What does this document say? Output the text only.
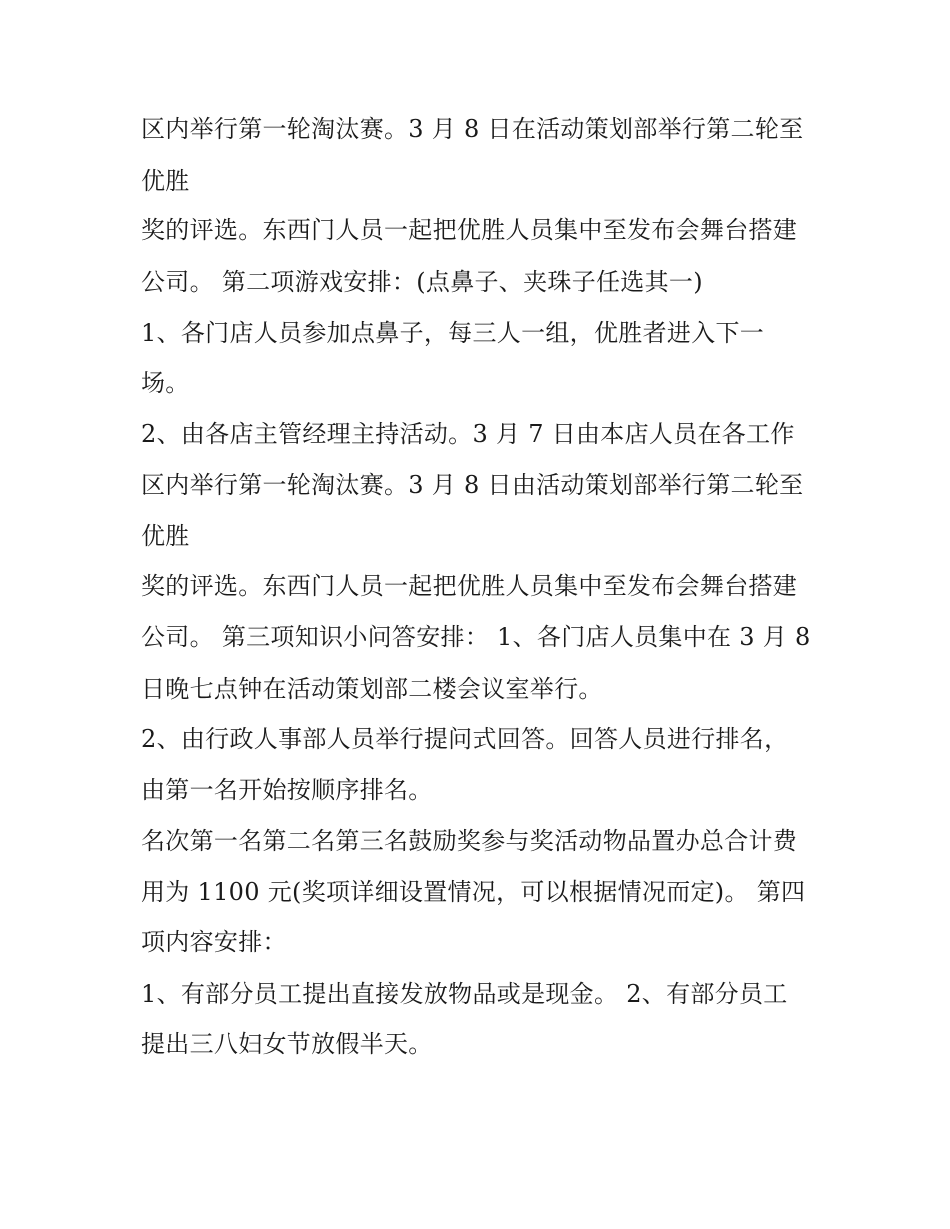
区内举行第一轮淘汰赛。3 月 8 日在活动策划部举行第二轮至
优胜
奖的评选。东西门人员一起把优胜人员集中至发布会舞台搭建
公司。 第二项游戏安排：(点鼻子、夹珠子任选其一)
1、各门店人员参加点鼻子，每三人一组，优胜者进入下一
场。
2、由各店主管经理主持活动。3 月 7 日由本店人员在各工作
区内举行第一轮淘汰赛。3 月 8 日由活动策划部举行第二轮至
优胜
奖的评选。东西门人员一起把优胜人员集中至发布会舞台搭建
公司。 第三项知识小问答安排： 1、各门店人员集中在 3 月 8
日晚七点钟在活动策划部二楼会议室举行。
2、由行政人事部人员举行提问式回答。回答人员进行排名，
由第一名开始按顺序排名。
名次第一名第二名第三名鼓励奖参与奖活动物品置办总合计费
用为 1100 元(奖项详细设置情况，可以根据情况而定)。 第四
项内容安排：
1、有部分员工提出直接发放物品或是现金。 2、有部分员工
提出三八妇女节放假半天。
